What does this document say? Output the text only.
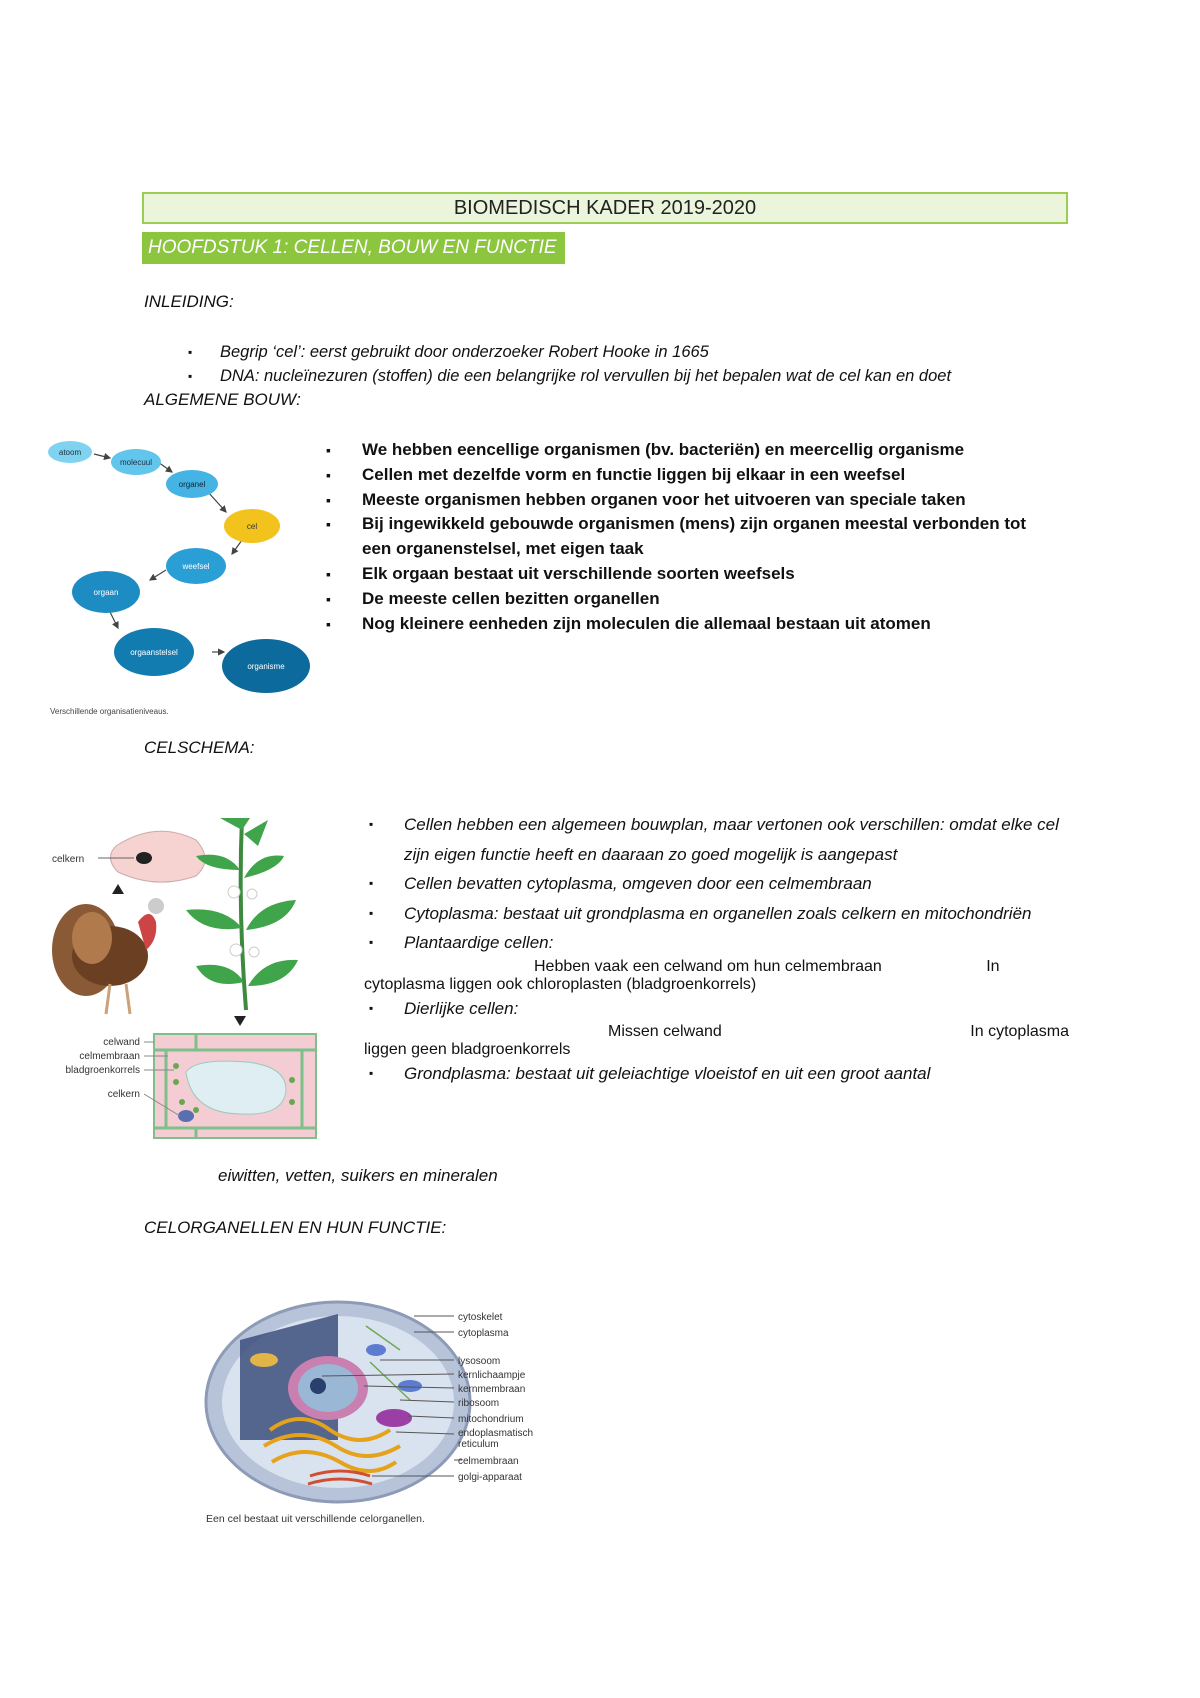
BIOMEDISCH KADER 2019-2020
HOOFDSTUK 1: CELLEN, BOUW EN FUNCTIE
INLEIDING:
▪ Begrip ‘cel’: eerst gebruikt door onderzoeker Robert Hooke in 1665
▪ DNA: nucleïnezuren (stoffen) die een belangrijke rol vervullen bij het bepalen wat de cel kan en doet
ALGEMENE BOUW:
atoom
molecuul
organel
cel
weefsel
orgaan
orgaanstelsel
organisme
Verschillende organisatieniveaus.
▪ We hebben eencellige organismen (bv. bacteriën) en meercellig organisme
▪ Cellen met dezelfde vorm en functie liggen bij elkaar in een weefsel
▪ Meeste organismen hebben organen voor het uitvoeren van speciale taken
▪ Bij ingewikkeld gebouwde organismen (mens) zijn organen meestal verbonden tot een organenstelsel, met eigen taak
▪ Elk orgaan bestaat uit verschillende soorten weefsels
▪ De meeste cellen bezitten organellen
▪ Nog kleinere eenheden zijn moleculen die allemaal bestaan uit atomen
CELSCHEMA:
celkern
celwand
celmembraan
bladgroenkorrels
celkern
▪ Cellen hebben een algemeen bouwplan, maar vertonen ook verschillen: omdat elke cel zijn eigen functie heeft en daaraan zo goed mogelijk is aangepast
▪ Cellen bevatten cytoplasma, omgeven door een celmembraan
▪ Cytoplasma: bestaat uit grondplasma en organellen zoals celkern en mitochondriën
▪ Plantaardige cellen:
Hebben vaak een celwand om hun celmembraan	In cytoplasma liggen ook chloroplasten (bladgroenkorrels)
▪ Dierlijke cellen:
Missen celwand	In cytoplasma liggen geen bladgroenkorrels
▪ Grondplasma: bestaat uit geleiachtige vloeistof en uit een groot aantal
eiwitten, vetten, suikers en mineralen
CELORGANELLEN EN HUN FUNCTIE:
cytoskelet
cytoplasma
lysosoom
kernlichaampje
kernmembraan
ribosoom
mitochondrium
endoplasmatisch
reticulum
celmembraan
golgi-apparaat
Een cel bestaat uit verschillende celorganellen.
